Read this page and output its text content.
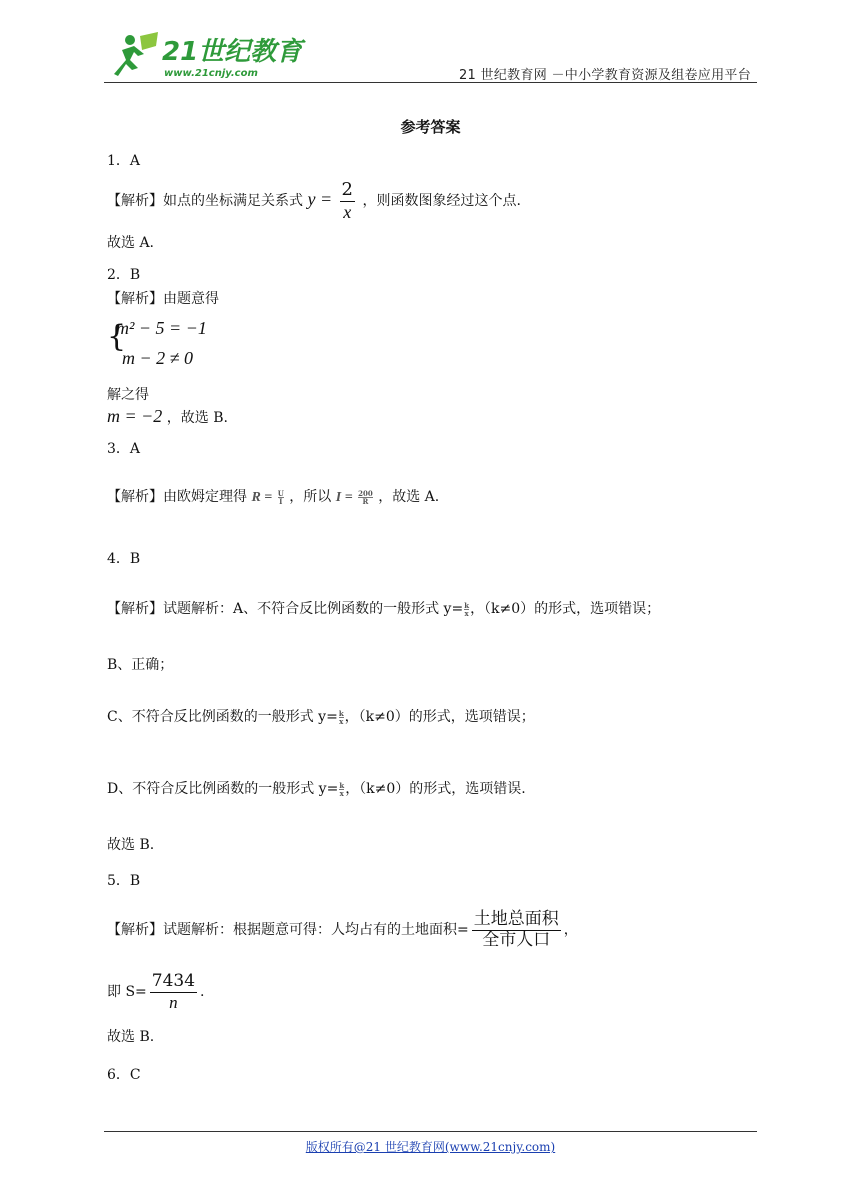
21世纪教育
www.21cnjy.com	21 世纪教育网 －中小学教育资源及组卷应用平台
参考答案
1．A
【解析】如点的坐标满足关系式 $y = \frac{2}{x}$ ，则函数图象经过这个点.
故选 A.
2．B
【解析】由题意得
{
m² − 5 = −1
m − 2 ≠ 0
解之得
m = −2 ，故选 B.
3．A
【解析】由欧姆定理得 $R = \frac{U}{I}$ ，所以 $I = \frac{200}{R}$ ，故选 A.
4．B
【解析】试题解析：A、不符合反比例函数的一般形式 $y= \frac{k}{x}$ ，（k≠0）的形式，选项错误；
B、正确；
C、不符合反比例函数的一般形式 $y= \frac{k}{x}$ ，（k≠0）的形式，选项错误；
D、不符合反比例函数的一般形式 $y= \frac{k}{x}$ ，（k≠0）的形式，选项错误.
故选 B.
5．B
【解析】试题解析：根据题意可得：人均占有的土地面积= $\frac{\text{土地总面积}}{\text{全市人口}}$ ，
即 $S= \frac{7434}{n}$ .
故选 B.
6．C
版权所有@21 世纪教育网(www.21cnjy.com)
